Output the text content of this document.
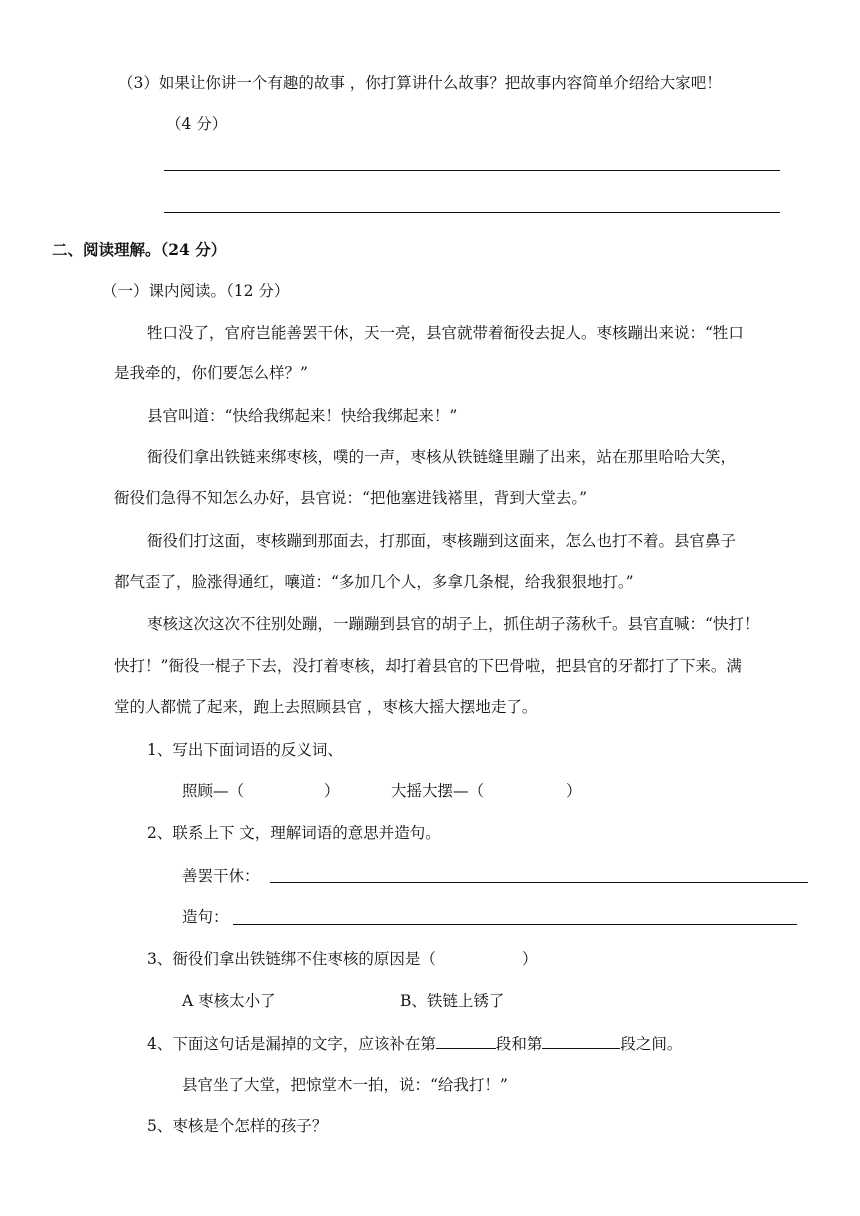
（3）如果让你讲一个有趣的故事 ，你打算讲什么故事？把故事内容简单介绍给大家吧！
（4 分）
二、阅读理解。（24 分）
（一）课内阅读。（12 分）
牲口没了，官府岂能善罢干休，天一亮，县官就带着衙役去捉人。枣核蹦出来说：“牲口
是我牵的，你们要怎么样？”
县官叫道：“快给我绑起来！快给我绑起来！”
衙役们拿出铁链来绑枣核，噗的一声，枣核从铁链缝里蹦了出来，站在那里哈哈大笑，
衙役们急得不知怎么办好，县官说：“把他塞进钱褡里，背到大堂去。”
衙役们打这面，枣核蹦到那面去，打那面，枣核蹦到这面来，怎么也打不着。县官鼻子
都气歪了，脸涨得通红，嚷道：“多加几个人，多拿几条棍，给我狠狠地打。”
枣核这次这次不往别处蹦，一蹦蹦到县官的胡子上，抓住胡子荡秋千。县官直喊：“快打！
快打！”衙役一棍子下去，没打着枣核，却打着县官的下巴骨啦，把县官的牙都打了下来。满
堂的人都慌了起来，跑上去照顾县官 ，枣核大摇大摆地走了。
1、写出下面词语的反义词、
照顾—（	）	大摇大摆—（	）
2、联系上下 文，理解词语的意思并造句。
善罢干休：
造句：
3、衙役们拿出铁链绑不住枣核的原因是（	）
A 枣核太小了	B、铁链上锈了
4、下面这句话是漏掉的文字，应该补在第	段和第	段之间。
县官坐了大堂，把惊堂木一拍，说：“给我打！”
5、枣核是个怎样的孩子？
